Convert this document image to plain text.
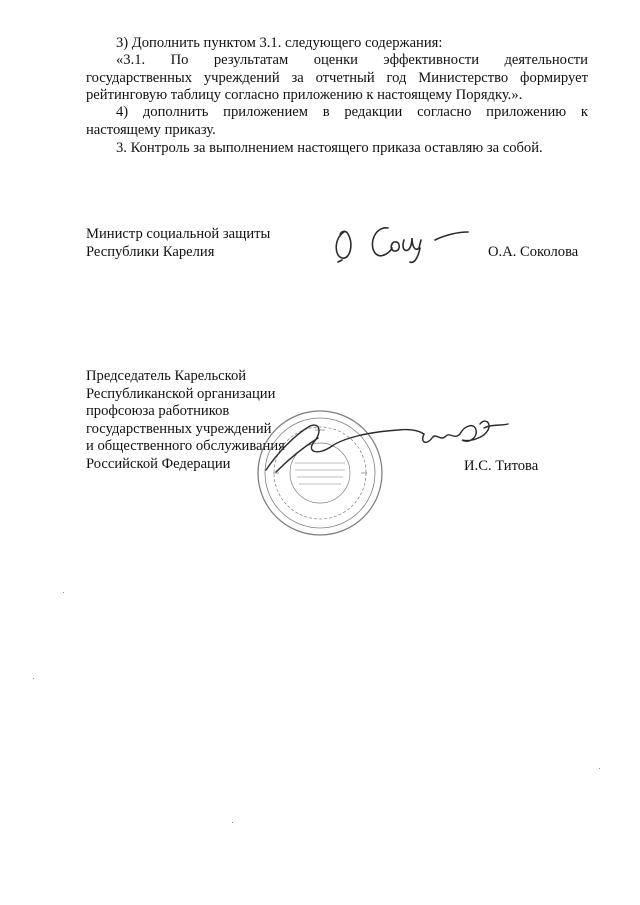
3) Дополнить пунктом 3.1. следующего содержания:

«3.1. По результатам оценки эффективности деятельности государственных учреждений за отчетный год Министерство формирует рейтинговую таблицу согласно приложению к настоящему Порядку.».

4) дополнить приложением в редакции согласно приложению к настоящему приказу.

3. Контроль за выполнением настоящего приказа оставляю за собой.

Министр социальной защиты
Республики Карелия	О.А. Соколова
Председатель Карельской
Республиканской организации
профсоюза работников
государственных учреждений
и общественного обслуживания
Российской Федерации	И.С. Титова
